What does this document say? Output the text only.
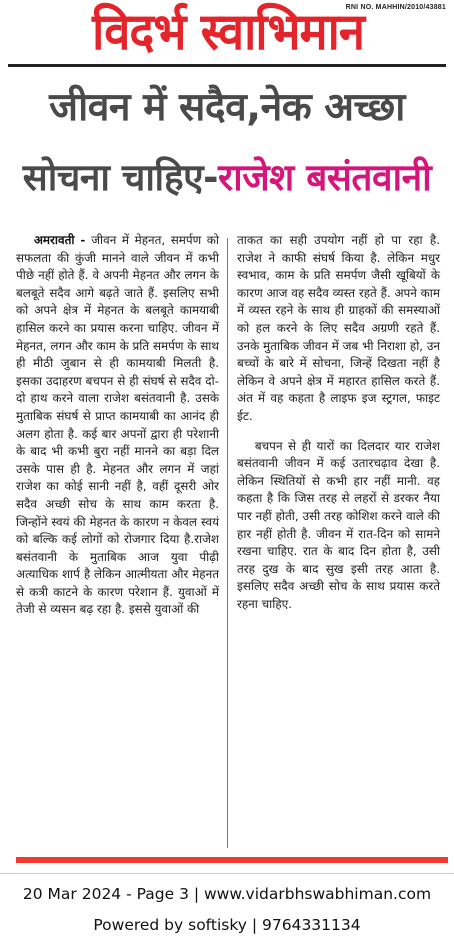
विदर्भ स्वाभिमान
RNI NO. MAHHIN/2010/43881
जीवन में सदैव,नेक अच्छा
सोचना चाहिए-राजेश बसंतवानी

अमरावती - जीवन में मेहनत, समर्पण को सफलता की कुंजी मानने वाले जीवन में कभी पीछे नहीं होते हैं. वे अपनी मेहनत और लगन के बलबूते सदैव आगे बढ़ते जाते हैं. इसलिए सभी को अपने क्षेत्र में मेहनत के बलबूते कामयाबी हासिल करने का प्रयास करना चाहिए. जीवन में मेहनत, लगन और काम के प्रति समर्पण के साथ ही मीठी जुबान से ही कामयाबी मिलती है. इसका उदाहरण बचपन से ही संघर्ष से सदैव दो-दो हाथ करने वाला राजेश बसंतवानी है. उसके मुताबिक संघर्ष से प्राप्त कामयाबी का आनंद ही अलग होता है. कई बार अपनों द्वारा ही परेशानी के बाद भी कभी बुरा नहीं मानने का बड़ा दिल उसके पास ही है. मेहनत और लगन में जहां राजेश का कोई सानी नहीं है, वहीं दूसरी ओर सदैव अच्छी सोच के साथ काम करता है. जिन्होंने स्वयं की मेहनत के कारण न केवल स्वयं को बल्कि कई लोगों को रोजगार दिया है.राजेश बसंतवानी के मुताबिक आज युवा पीढ़ी अत्याधिक शार्प है लेकिन आत्मीयता और मेहनत से कत्री काटने के कारण परेशान हैं. युवाओं में तेजी से व्यसन बढ़ रहा है. इससे युवाओं की

ताकत का सही उपयोग नहीं हो पा रहा है. राजेश ने काफी संघर्ष किया है. लेकिन मधुर स्वभाव, काम के प्रति समर्पण जैसी खूबियों के कारण आज वह सदैव व्यस्त रहते हैं. अपने काम में व्यस्त रहने के साथ ही ग्राहकों की समस्याओं को हल करने के लिए सदैव अग्रणी रहते हैं. उनके मुताबिक जीवन में जब भी निराशा हो, उन बच्चों के बारे में सोचना, जिन्हें दिखता नहीं है लेकिन वे अपने क्षेत्र में महारत हासिल करते हैं. अंत में वह कहता है लाइफ इज स्ट्रगल, फाइट ईट.

बचपन से ही यारों का दिलदार यार राजेश बसंतवानी जीवन में कई उतारचढ़ाव देखा है. लेकिन स्थितियों से कभी हार नहीं मानी. वह कहता है कि जिस तरह से लहरों से डरकर नैया पार नहीं होती, उसी तरह कोशिश करने वाले की हार नहीं होती है. जीवन में रात-दिन को सामने रखना चाहिए. रात के बाद दिन होता है, उसी तरह दुख के बाद सुख इसी तरह आता है. इसलिए सदैव अच्छी सोच के साथ प्रयास करते रहना चाहिए.

20 Mar 2024 - Page 3 | www.vidarbhswabhiman.com
Powered by softisky | 9764331134
